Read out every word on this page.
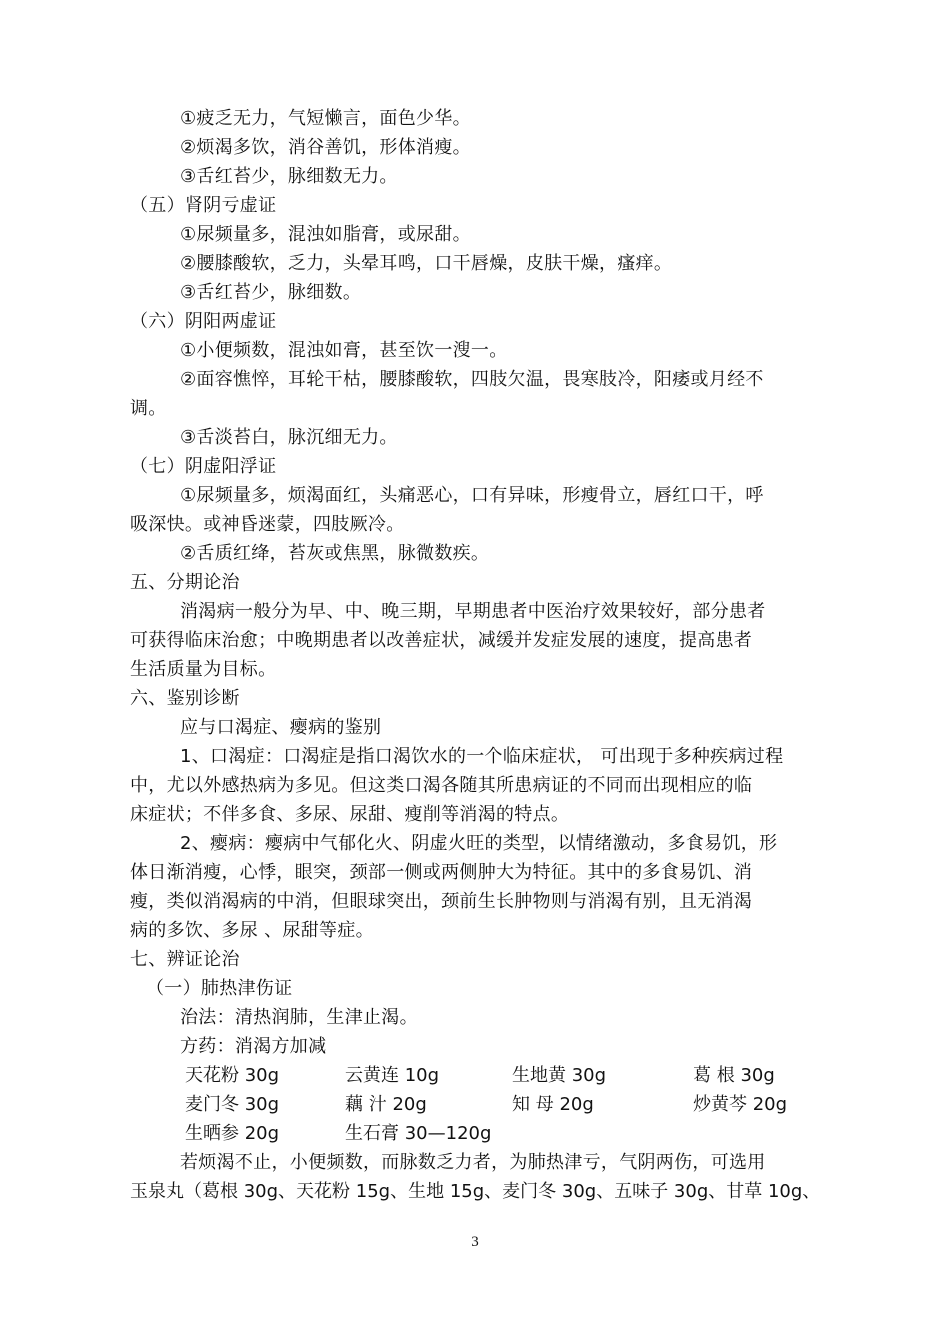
①疲乏无力，气短懒言，面色少华。
②烦渴多饮，消谷善饥，形体消瘦。
③舌红苔少，脉细数无力。
（五）肾阴亏虚证
①尿频量多，混浊如脂膏，或尿甜。
②腰膝酸软，乏力，头晕耳鸣，口干唇燥，皮肤干燥，瘙痒。
③舌红苔少，脉细数。
（六）阴阳两虚证
①小便频数，混浊如膏，甚至饮一溲一。
②面容憔悴，耳轮干枯，腰膝酸软，四肢欠温，畏寒肢冷，阳痿或月经不
调。
③舌淡苔白，脉沉细无力。
（七）阴虚阳浮证
①尿频量多，烦渴面红，头痛恶心，口有异味，形瘦骨立，唇红口干，呼
吸深快。或神昏迷蒙，四肢厥冷。
②舌质红绛，苔灰或焦黑，脉微数疾。
五、分期论治
消渴病一般分为早、中、晚三期，早期患者中医治疗效果较好，部分患者
可获得临床治愈；中晚期患者以改善症状，减缓并发症发展的速度，提高患者
生活质量为目标。
六、鉴别诊断
应与口渴症、瘿病的鉴别
1、口渴症：口渴症是指口渴饮水的一个临床症状， 可出现于多种疾病过程
中，尤以外感热病为多见。但这类口渴各随其所患病证的不同而出现相应的临
床症状；不伴多食、多尿、尿甜、瘦削等消渴的特点。
2、瘿病：瘿病中气郁化火、阴虚火旺的类型，以情绪激动，多食易饥，形
体日渐消瘦，心悸，眼突，颈部一侧或两侧肿大为特征。其中的多食易饥、消
瘦，类似消渴病的中消，但眼球突出，颈前生长肿物则与消渴有别，且无消渴
病的多饮、多尿 、尿甜等症。
七、辨证论治
（一）肺热津伤证
治法：清热润肺，生津止渴。
方药：消渴方加减
天花粉 30g	云黄连 10g	生地黄 30g	葛 根 30g
麦门冬 30g	藕 汁 20g	知 母 20g	炒黄芩 20g
生晒参 20g	生石膏 30—120g
若烦渴不止，小便频数，而脉数乏力者，为肺热津亏，气阴两伤，可选用
玉泉丸（葛根 30g、天花粉 15g、生地 15g、麦门冬 30g、五味子 30g、甘草 10g、
3
